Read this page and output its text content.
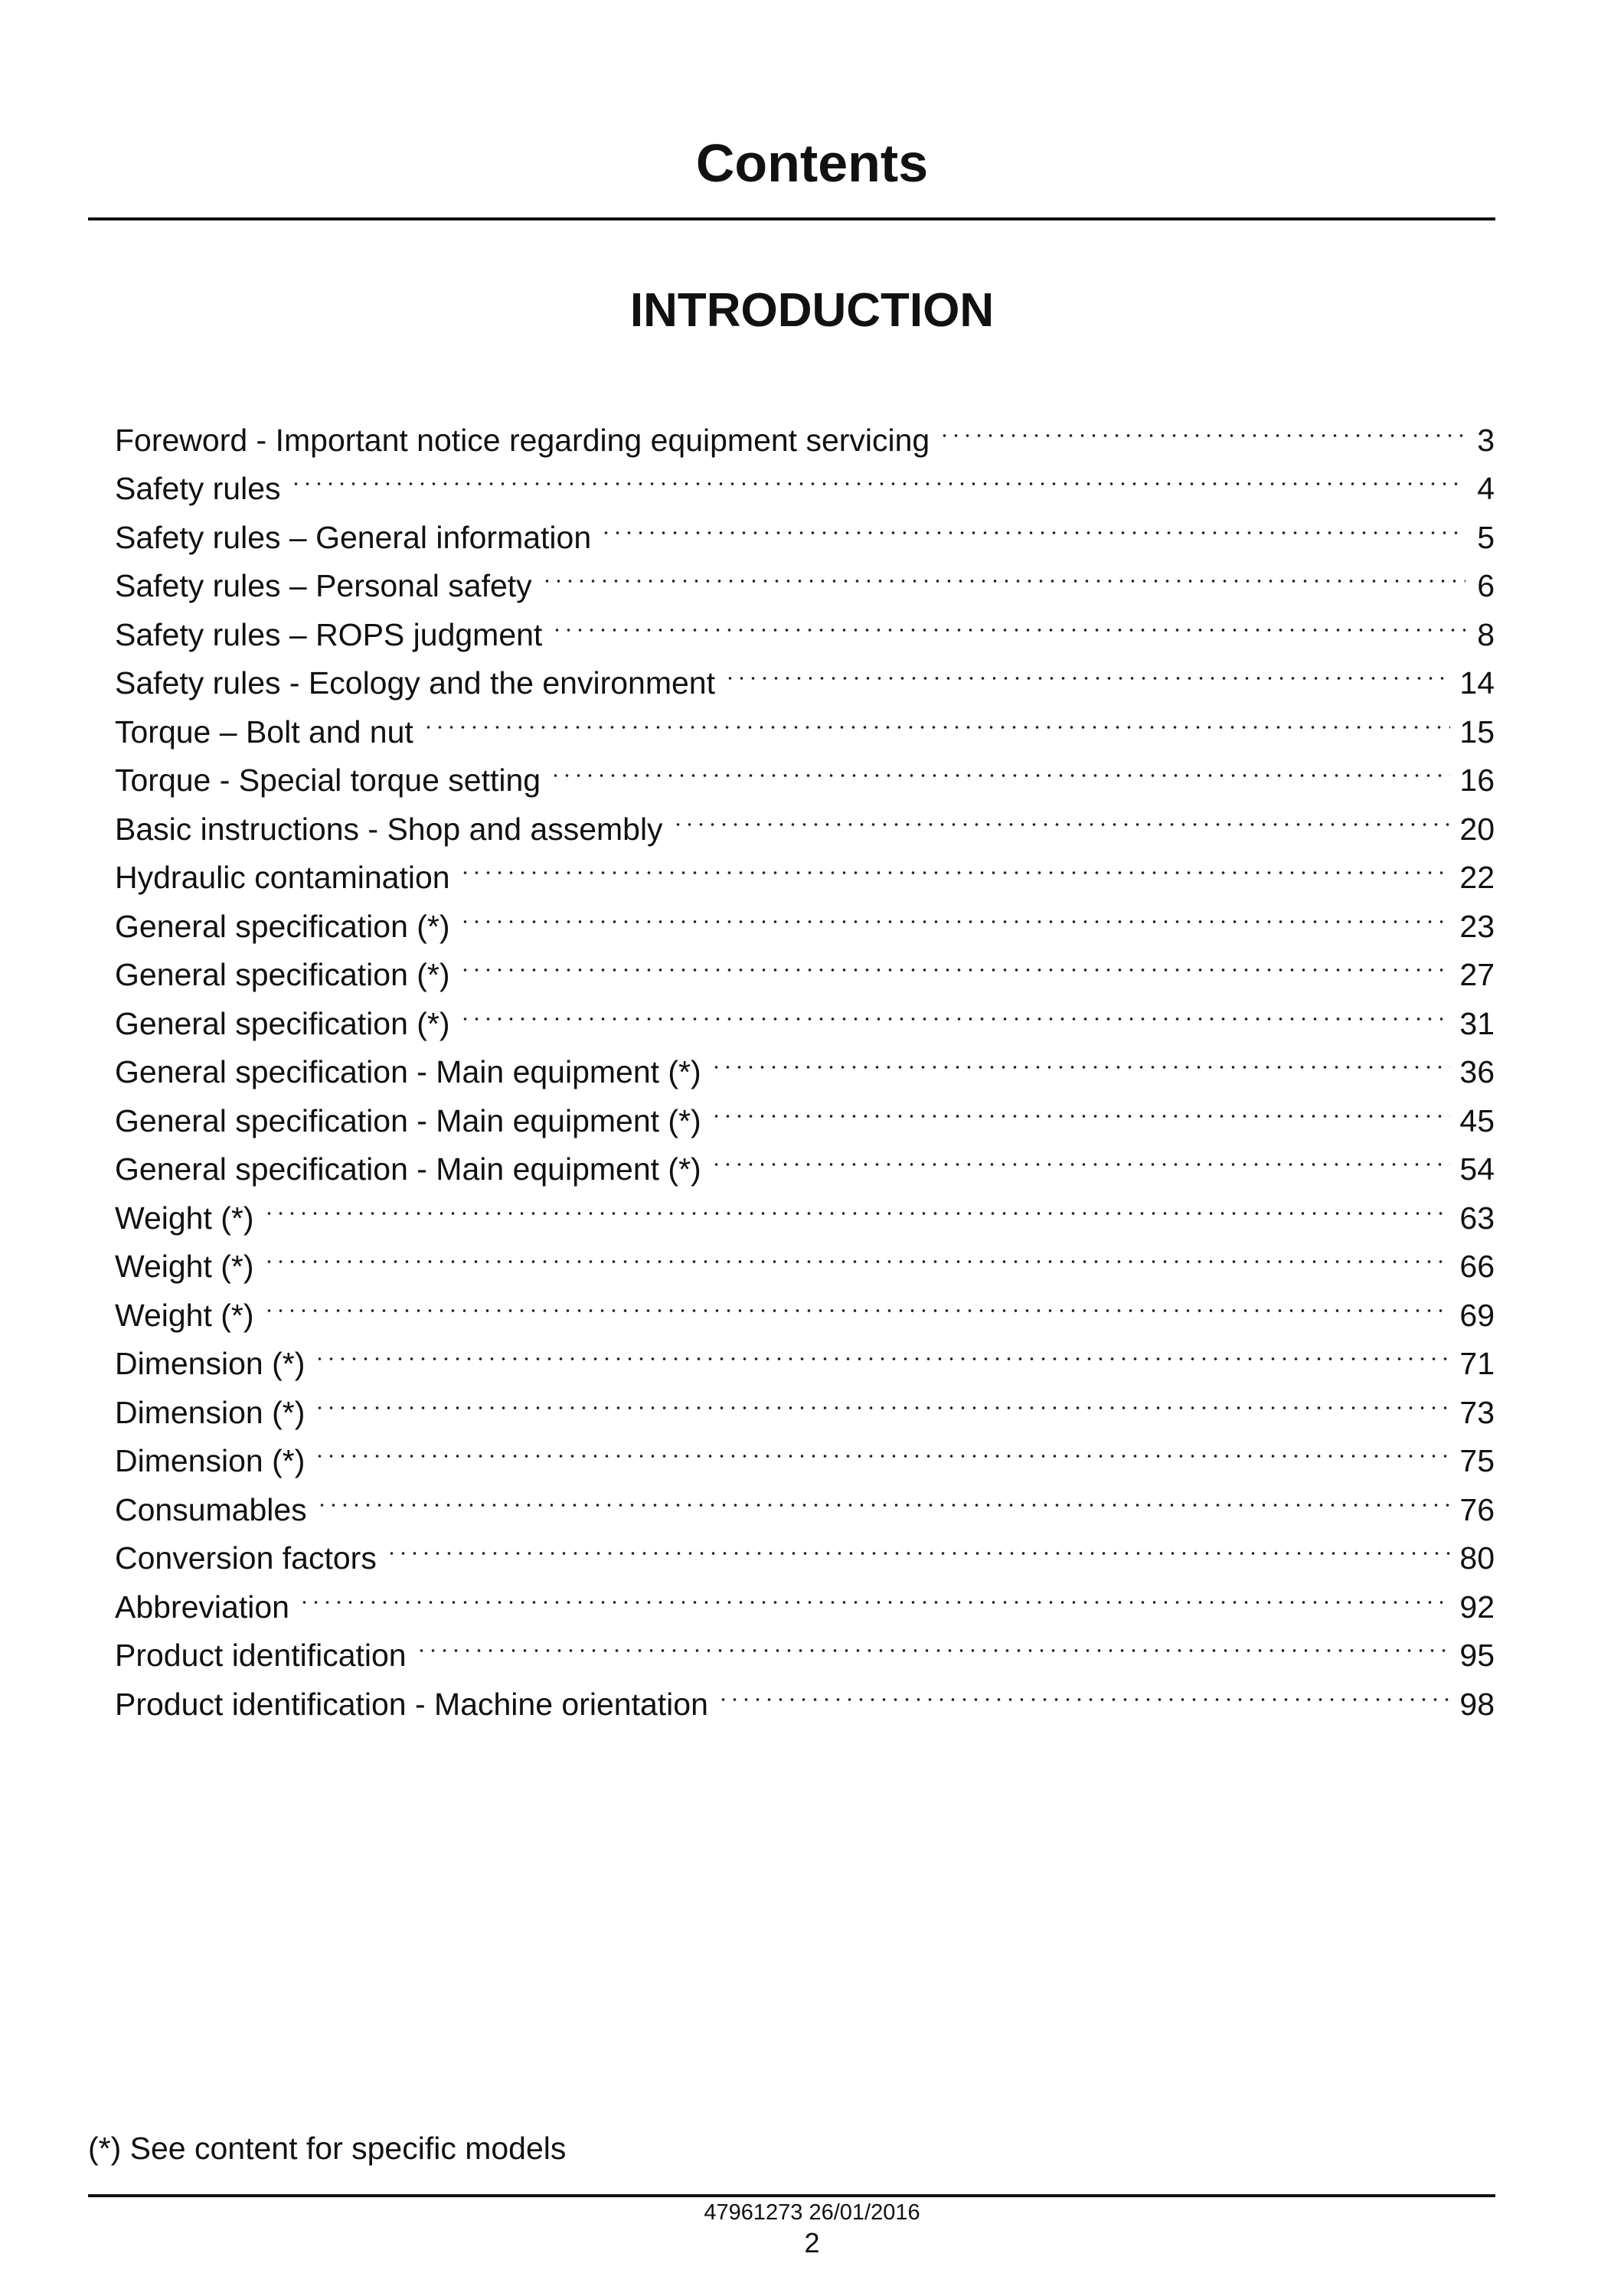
Contents
INTRODUCTION
Foreword - Important notice regarding equipment servicing	3
Safety rules	4
Safety rules – General information	5
Safety rules – Personal safety	6
Safety rules – ROPS judgment	8
Safety rules - Ecology and the environment	14
Torque – Bolt and nut	15
Torque - Special torque setting	16
Basic instructions - Shop and assembly	20
Hydraulic contamination	22
General specification (*)	23
General specification (*)	27
General specification (*)	31
General specification - Main equipment (*)	36
General specification - Main equipment (*)	45
General specification - Main equipment (*)	54
Weight (*)	63
Weight (*)	66
Weight (*)	69
Dimension (*)	71
Dimension (*)	73
Dimension (*)	75
Consumables	76
Conversion factors	80
Abbreviation	92
Product identification	95
Product identification - Machine orientation	98
(*) See content for specific models
47961273 26/01/2016
2
